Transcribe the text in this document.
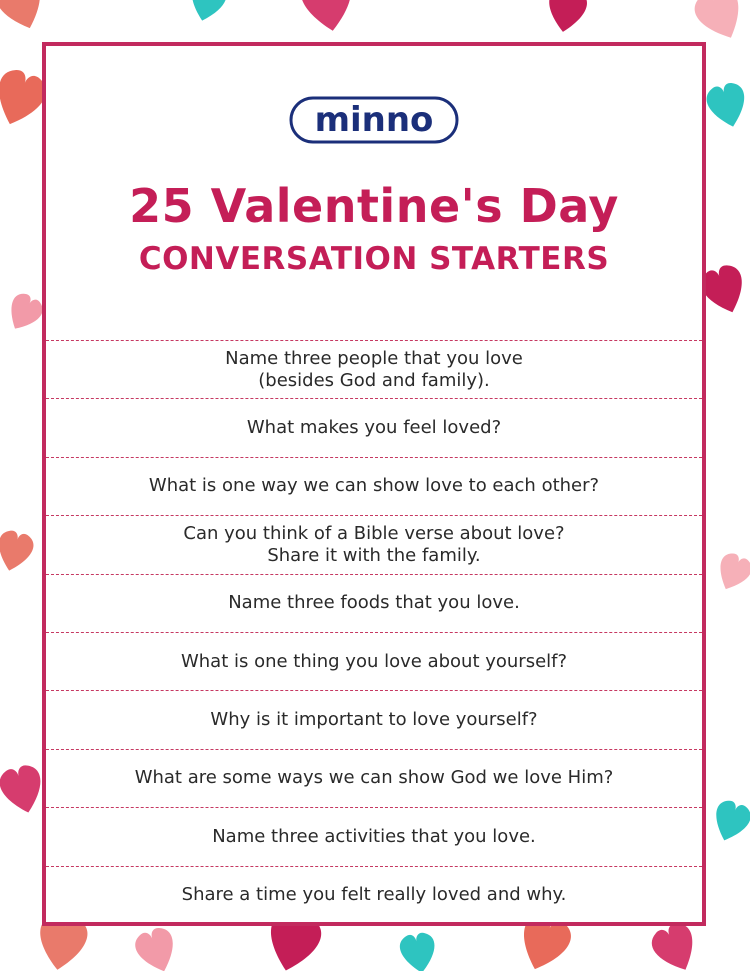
minno
25 Valentine's Day
CONVERSATION STARTERS
Name three people that you love
(besides God and family).
What makes you feel loved?
What is one way we can show love to each other?
Can you think of a Bible verse about love?
Share it with the family.
Name three foods that you love.
What is one thing you love about yourself?
Why is it important to love yourself?
What are some ways we can show God we love Him?
Name three activities that you love.
Share a time you felt really loved and why.
